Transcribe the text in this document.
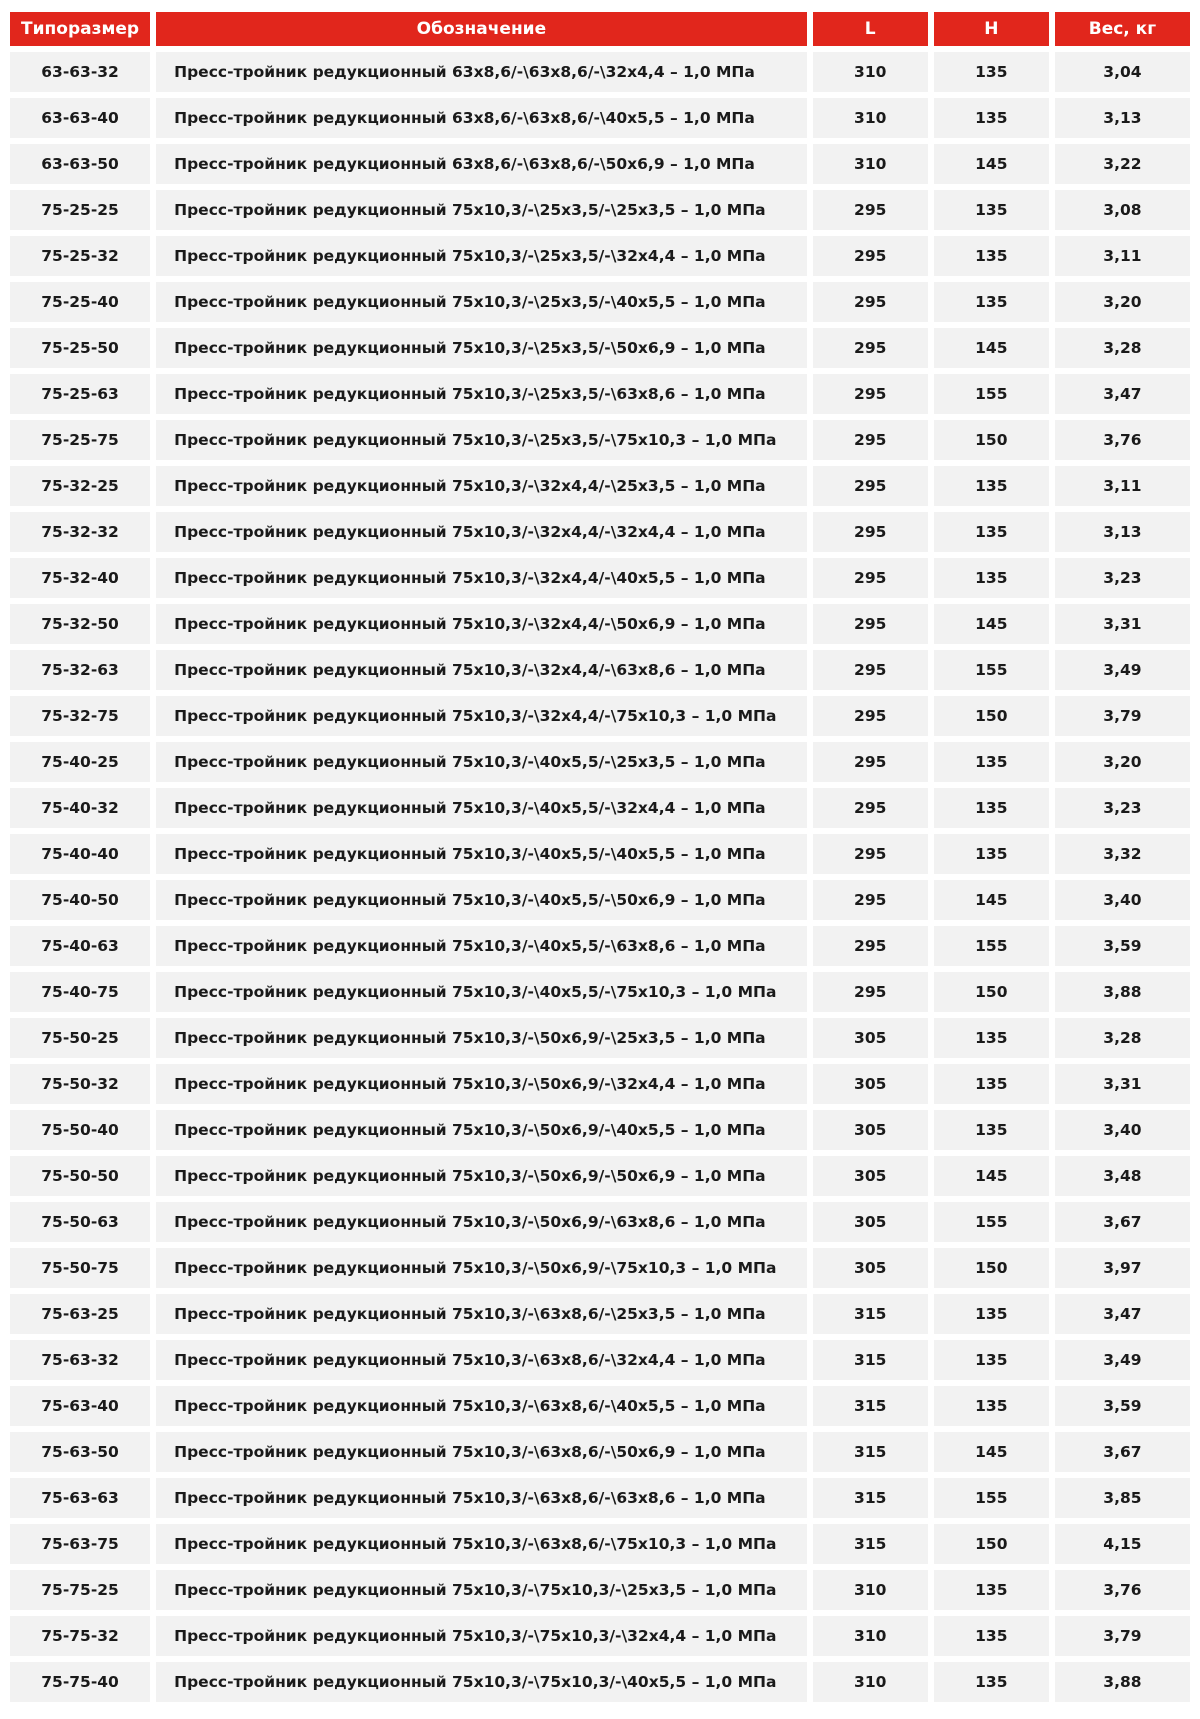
Типоразмер	Обозначение	L	H	Вес, кг
63-63-32	Пресс-тройник редукционный 63х8,6/-\63х8,6/-\32х4,4 – 1,0 МПа	310	135	3,04
63-63-40	Пресс-тройник редукционный 63х8,6/-\63х8,6/-\40х5,5 – 1,0 МПа	310	135	3,13
63-63-50	Пресс-тройник редукционный 63х8,6/-\63х8,6/-\50х6,9 – 1,0 МПа	310	145	3,22
75-25-25	Пресс-тройник редукционный 75х10,3/-\25х3,5/-\25х3,5 – 1,0 МПа	295	135	3,08
75-25-32	Пресс-тройник редукционный 75х10,3/-\25х3,5/-\32х4,4 – 1,0 МПа	295	135	3,11
75-25-40	Пресс-тройник редукционный 75х10,3/-\25х3,5/-\40х5,5 – 1,0 МПа	295	135	3,20
75-25-50	Пресс-тройник редукционный 75х10,3/-\25х3,5/-\50х6,9 – 1,0 МПа	295	145	3,28
75-25-63	Пресс-тройник редукционный 75х10,3/-\25х3,5/-\63х8,6 – 1,0 МПа	295	155	3,47
75-25-75	Пресс-тройник редукционный 75х10,3/-\25х3,5/-\75х10,3 – 1,0 МПа	295	150	3,76
75-32-25	Пресс-тройник редукционный 75х10,3/-\32х4,4/-\25х3,5 – 1,0 МПа	295	135	3,11
75-32-32	Пресс-тройник редукционный 75х10,3/-\32х4,4/-\32х4,4 – 1,0 МПа	295	135	3,13
75-32-40	Пресс-тройник редукционный 75х10,3/-\32х4,4/-\40х5,5 – 1,0 МПа	295	135	3,23
75-32-50	Пресс-тройник редукционный 75х10,3/-\32х4,4/-\50х6,9 – 1,0 МПа	295	145	3,31
75-32-63	Пресс-тройник редукционный 75х10,3/-\32х4,4/-\63х8,6 – 1,0 МПа	295	155	3,49
75-32-75	Пресс-тройник редукционный 75х10,3/-\32х4,4/-\75х10,3 – 1,0 МПа	295	150	3,79
75-40-25	Пресс-тройник редукционный 75х10,3/-\40х5,5/-\25х3,5 – 1,0 МПа	295	135	3,20
75-40-32	Пресс-тройник редукционный 75х10,3/-\40х5,5/-\32х4,4 – 1,0 МПа	295	135	3,23
75-40-40	Пресс-тройник редукционный 75х10,3/-\40х5,5/-\40х5,5 – 1,0 МПа	295	135	3,32
75-40-50	Пресс-тройник редукционный 75х10,3/-\40х5,5/-\50х6,9 – 1,0 МПа	295	145	3,40
75-40-63	Пресс-тройник редукционный 75х10,3/-\40х5,5/-\63х8,6 – 1,0 МПа	295	155	3,59
75-40-75	Пресс-тройник редукционный 75х10,3/-\40х5,5/-\75х10,3 – 1,0 МПа	295	150	3,88
75-50-25	Пресс-тройник редукционный 75х10,3/-\50х6,9/-\25х3,5 – 1,0 МПа	305	135	3,28
75-50-32	Пресс-тройник редукционный 75х10,3/-\50х6,9/-\32х4,4 – 1,0 МПа	305	135	3,31
75-50-40	Пресс-тройник редукционный 75х10,3/-\50х6,9/-\40х5,5 – 1,0 МПа	305	135	3,40
75-50-50	Пресс-тройник редукционный 75х10,3/-\50х6,9/-\50х6,9 – 1,0 МПа	305	145	3,48
75-50-63	Пресс-тройник редукционный 75х10,3/-\50х6,9/-\63х8,6 – 1,0 МПа	305	155	3,67
75-50-75	Пресс-тройник редукционный 75х10,3/-\50х6,9/-\75х10,3 – 1,0 МПа	305	150	3,97
75-63-25	Пресс-тройник редукционный 75х10,3/-\63х8,6/-\25х3,5 – 1,0 МПа	315	135	3,47
75-63-32	Пресс-тройник редукционный 75х10,3/-\63х8,6/-\32х4,4 – 1,0 МПа	315	135	3,49
75-63-40	Пресс-тройник редукционный 75х10,3/-\63х8,6/-\40х5,5 – 1,0 МПа	315	135	3,59
75-63-50	Пресс-тройник редукционный 75х10,3/-\63х8,6/-\50х6,9 – 1,0 МПа	315	145	3,67
75-63-63	Пресс-тройник редукционный 75х10,3/-\63х8,6/-\63х8,6 – 1,0 МПа	315	155	3,85
75-63-75	Пресс-тройник редукционный 75х10,3/-\63х8,6/-\75х10,3 – 1,0 МПа	315	150	4,15
75-75-25	Пресс-тройник редукционный 75х10,3/-\75х10,3/-\25х3,5 – 1,0 МПа	310	135	3,76
75-75-32	Пресс-тройник редукционный 75х10,3/-\75х10,3/-\32х4,4 – 1,0 МПа	310	135	3,79
75-75-40	Пресс-тройник редукционный 75х10,3/-\75х10,3/-\40х5,5 – 1,0 МПа	310	135	3,88
